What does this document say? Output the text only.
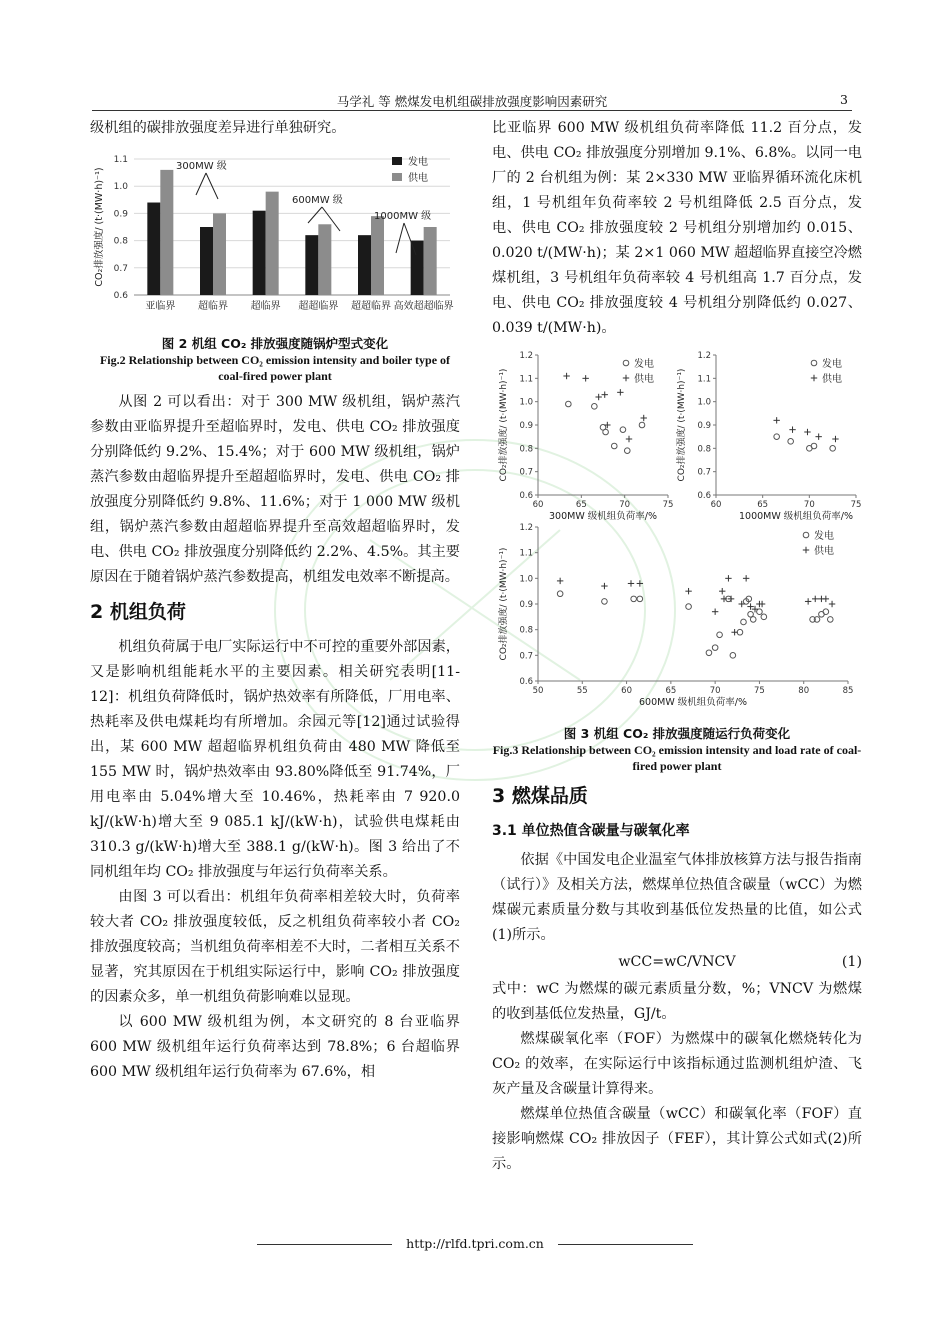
马学礼 等 燃煤发电机组碳排放强度影响因素研究	3

级机组的碳排放强度差异进行单独研究。

0.6
0.7
0.8
0.9
1.0
1.1
亚临界 超临界 超临界 超超临界 超超临界 高效超超临界
CO₂排放强度/ (t·(MW·h)⁻¹)
300MW 级
600MW 级
1000MW 级
发电
供电
图 2 机组 CO₂ 排放强度随锅炉型式变化
Fig.2 Relationship between CO₂ emission intensity and boiler type of coal-fired power plant

从图 2 可以看出：对于 300 MW 级机组，锅炉蒸汽参数由亚临界提升至超临界时，发电、供电 CO₂ 排放强度分别降低约 9.2%、15.4%；对于 600 MW 级机组，锅炉蒸汽参数由超临界提升至超超临界时，发电、供电 CO₂ 排放强度分别降低约 9.8%、11.6%；对于 1 000 MW 级机组，锅炉蒸汽参数由超超临界提升至高效超超临界时，发电、供电 CO₂ 排放强度分别降低约 2.2%、4.5%。其主要原因在于随着锅炉蒸汽参数提高，机组发电效率不断提高。

2 机组负荷

机组负荷属于电厂实际运行中不可控的重要外部因素，又是影响机组能耗水平的主要因素。相关研究表明[11-12]：机组负荷降低时，锅炉热效率有所降低，厂用电率、热耗率及供电煤耗均有所增加。余园元等[12]通过试验得出，某 600 MW 超超临界机组负荷由 480 MW 降低至 155 MW 时，锅炉热效率由 93.80%降低至 91.74%，厂用电率由 5.04%增大至 10.46%，热耗率由 7 920.0 kJ/(kW·h)增大至 9 085.1 kJ/(kW·h)，试验供电煤耗由 310.3 g/(kW·h)增大至 388.1 g/(kW·h)。图 3 给出了不同机组年均 CO₂ 排放强度与年运行负荷率关系。

由图 3 可以看出：机组年负荷率相差较大时，负荷率较大者 CO₂ 排放强度较低，反之机组负荷率较小者 CO₂ 排放强度较高；当机组负荷率相差不大时，二者相互关系不显著，究其原因在于机组实际运行中，影响 CO₂ 排放强度的因素众多，单一机组负荷影响难以显现。

以 600 MW 级机组为例，本文研究的 8 台亚临界 600 MW 级机组年运行负荷率达到 78.8%；6 台超临界 600 MW 级机组年运行负荷率为 67.6%，相

比亚临界 600 MW 级机组负荷率降低 11.2 百分点，发电、供电 CO₂ 排放强度分别增加 9.1%、6.8%。以同一电厂的 2 台机组为例：某 2×330 MW 亚临界循环流化床机组，1 号机组年负荷率较 2 号机组降低 2.5 百分点，发电、供电 CO₂ 排放强度较 2 号机组分别增加约 0.015、0.020 t/(MW·h)；某 2×1 060 MW 超超临界直接空冷燃煤机组，3 号机组年负荷率较 4 号机组高 1.7 百分点，发电、供电 CO₂ 排放强度较 4 号机组分别降低约 0.027、0.039 t/(MW·h)。

0.6
0.7
0.8
0.9
1.0
1.1
1.2
60	65	70	75
300MW 级机组负荷率/%
CO₂排放强度/ (t·(MW·h)⁻¹)
发电
供电
0.6
0.7
0.8
0.9
1.0
1.1
1.2
60	65	70	75
1000MW 级机组负荷率/%
CO₂排放强度/ (t·(MW·h)⁻¹)
发电
供电
0.6
0.7
0.8
0.9
1.0
1.1
1.2
50	55	60	65	70	75	80	85
600MW 级机组负荷率/%
CO₂排放强度/ (t·(MW·h)⁻¹)
发电
供电
图 3 机组 CO₂ 排放强度随运行负荷变化
Fig.3 Relationship between CO₂ emission intensity and load rate of coal-fired power plant
3 燃煤品质
3.1 单位热值含碳量与碳氧化率

依据《中国发电企业温室气体排放核算方法与报告指南（试行）》及相关方法，燃煤单位热值含碳量（wCC）为燃煤碳元素质量分数与其收到基低位发热量的比值，如公式(1)所示。

wCC=wC/VNCV	(1)

式中：wC 为燃煤的碳元素质量分数，%；VNCV 为燃煤的收到基低位发热量，GJ/t。

燃煤碳氧化率（FOF）为燃煤中的碳氧化燃烧转化为 CO₂ 的效率，在实际运行中该指标通过监测机组炉渣、飞灰产量及含碳量计算得来。

燃煤单位热值含碳量（wCC）和碳氧化率（FOF）直接影响燃煤 CO₂ 排放因子（FEF），其计算公式如式(2)所示。

http://rlfd.tpri.com.cn
